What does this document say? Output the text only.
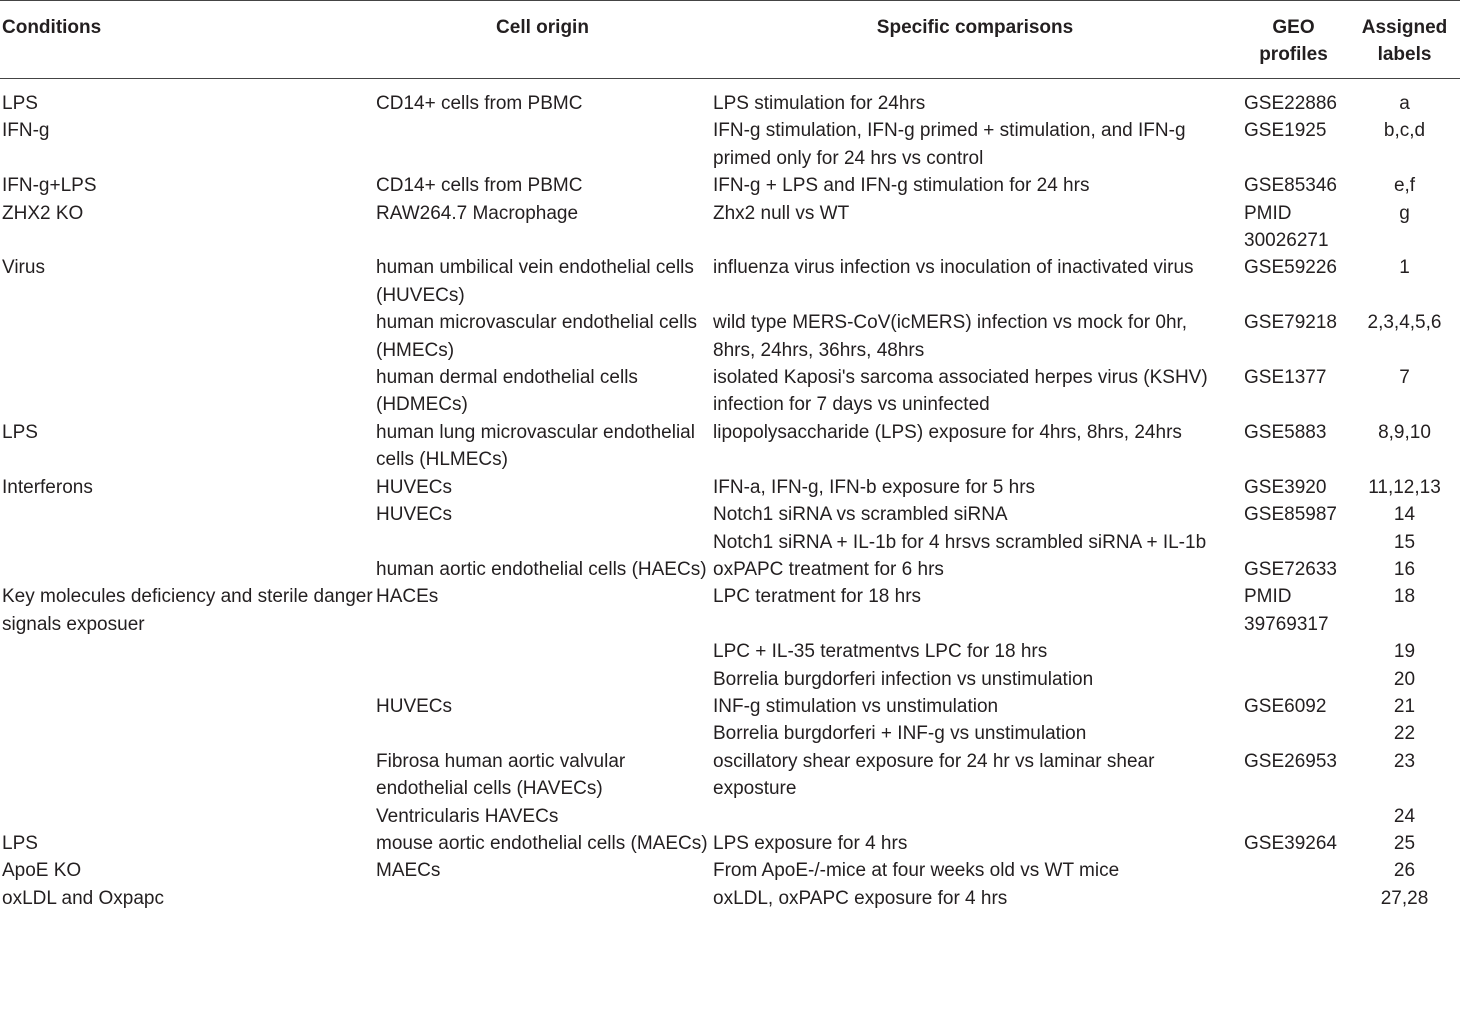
Conditions	Cell origin	Specific comparisons	GEO profiles	Assigned labels

LPS	CD14+ cells from PBMC	LPS stimulation for 24hrs	GSE22886	a

IFN-g		IFN-g stimulation, IFN-g primed + stimulation, and IFN-g primed only for 24 hrs vs control	GSE1925	b,c,d

IFN-g+LPS	CD14+ cells from PBMC	IFN-g + LPS and IFN-g stimulation for 24 hrs	GSE85346	e,f

ZHX2 KO	RAW264.7 Macrophage	Zhx2 null vs WT	PMID 30026271	g

Virus	human umbilical vein endothelial cells (HUVECs)	influenza virus infection vs inoculation of inactivated virus	GSE59226	1

	human microvascular endothelial cells (HMECs)	wild type MERS-CoV(icMERS) infection vs mock for 0hr, 8hrs, 24hrs, 36hrs, 48hrs	GSE79218	2,3,4,5,6

	human dermal endothelial cells (HDMECs)	isolated Kaposi's sarcoma associated herpes virus (KSHV) infection for 7 days vs uninfected	GSE1377	7

LPS	human lung microvascular endothelial cells (HLMECs)	lipopolysaccharide (LPS) exposure for 4hrs, 8hrs, 24hrs	GSE5883	8,9,10

Interferons	HUVECs	IFN-a, IFN-g, IFN-b exposure for 5 hrs	GSE3920	11,12,13

	HUVECs	Notch1 siRNA vs scrambled siRNA	GSE85987	14

		Notch1 siRNA + IL-1b for 4 hrsvs scrambled siRNA + IL-1b		15

	human aortic endothelial cells (HAECs)	oxPAPC treatment for 6 hrs	GSE72633	16

Key molecules deficiency and sterile danger signals exposuer	HACEs	LPC teratment for 18 hrs	PMID 39769317	18

		LPC + IL-35 teratmentvs LPC for 18 hrs		19

		Borrelia burgdorferi infection vs unstimulation		20

	HUVECs	INF-g stimulation vs unstimulation	GSE6092	21

		Borrelia burgdorferi + INF-g vs unstimulation		22

	Fibrosa human aortic valvular endothelial cells (HAVECs)	oscillatory shear exposure for 24 hr vs laminar shear exposture	GSE26953	23

	Ventricularis HAVECs			24

LPS	mouse aortic endothelial cells (MAECs)	LPS exposure for 4 hrs	GSE39264	25

ApoE KO	MAECs	From ApoE-/-mice at four weeks old vs WT mice		26

oxLDL and Oxpapc		oxLDL, oxPAPC exposure for 4 hrs		27,28
